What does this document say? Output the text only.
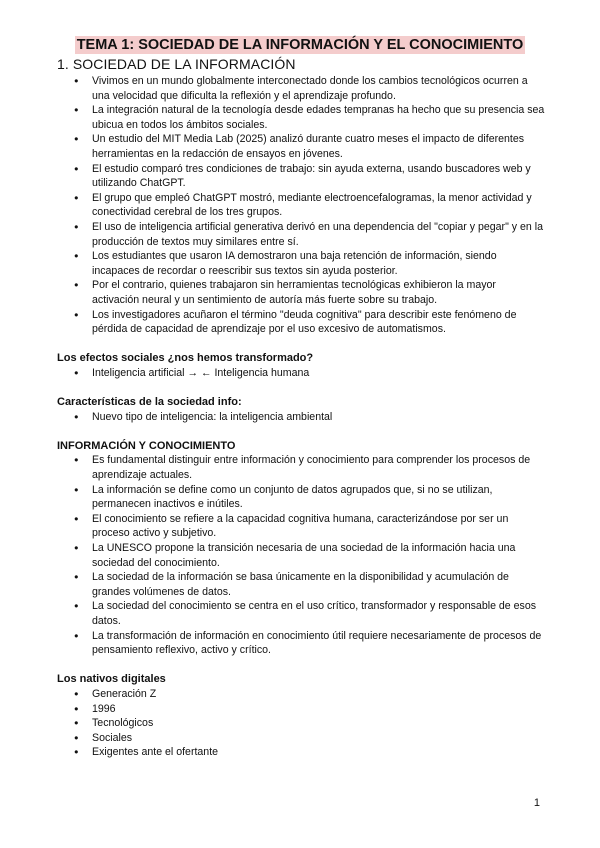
TEMA 1: SOCIEDAD DE LA INFORMACIÓN Y EL CONOCIMIENTO
1. SOCIEDAD DE LA INFORMACIÓN
● Vivimos en un mundo globalmente interconectado donde los cambios tecnológicos ocurren a una velocidad que dificulta la reflexión y el aprendizaje profundo.
● La integración natural de la tecnología desde edades tempranas ha hecho que su presencia sea ubicua en todos los ámbitos sociales.
● Un estudio del MIT Media Lab (2025) analizó durante cuatro meses el impacto de diferentes herramientas en la redacción de ensayos en jóvenes.
● El estudio comparó tres condiciones de trabajo: sin ayuda externa, usando buscadores web y utilizando ChatGPT.
● El grupo que empleó ChatGPT mostró, mediante electroencefalogramas, la menor actividad y conectividad cerebral de los tres grupos.
● El uso de inteligencia artificial generativa derivó en una dependencia del "copiar y pegar" y en la producción de textos muy similares entre sí.
● Los estudiantes que usaron IA demostraron una baja retención de información, siendo incapaces de recordar o reescribir sus textos sin ayuda posterior.
● Por el contrario, quienes trabajaron sin herramientas tecnológicas exhibieron la mayor activación neural y un sentimiento de autoría más fuerte sobre su trabajo.
● Los investigadores acuñaron el término "deuda cognitiva" para describir este fenómeno de pérdida de capacidad de aprendizaje por el uso excesivo de automatismos.
Los efectos sociales ¿nos hemos transformado?
● Inteligencia artificial → ← Inteligencia humana
Características de la sociedad info:
● Nuevo tipo de inteligencia: la inteligencia ambiental
INFORMACIÓN Y CONOCIMIENTO
● Es fundamental distinguir entre información y conocimiento para comprender los procesos de aprendizaje actuales.
● La información se define como un conjunto de datos agrupados que, si no se utilizan, permanecen inactivos e inútiles.
● El conocimiento se refiere a la capacidad cognitiva humana, caracterizándose por ser un proceso activo y subjetivo.
● La UNESCO propone la transición necesaria de una sociedad de la información hacia una sociedad del conocimiento.
● La sociedad de la información se basa únicamente en la disponibilidad y acumulación de grandes volúmenes de datos.
● La sociedad del conocimiento se centra en el uso crítico, transformador y responsable de esos datos.
● La transformación de información en conocimiento útil requiere necesariamente de procesos de pensamiento reflexivo, activo y crítico.
Los nativos digitales
● Generación Z
● 1996
● Tecnológicos
● Sociales
● Exigentes ante el ofertante
1
